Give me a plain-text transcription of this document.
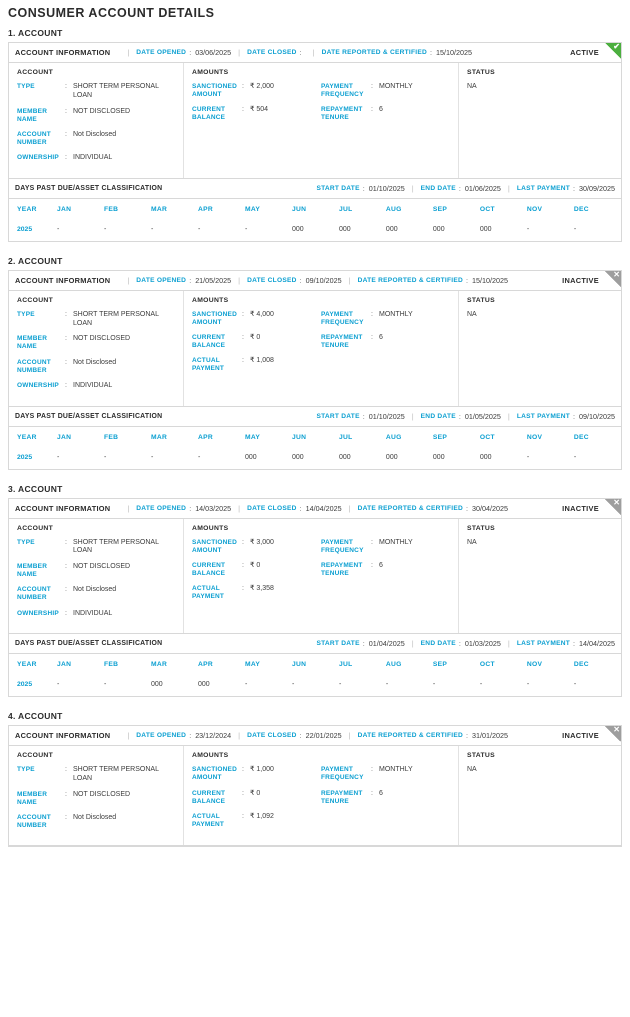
CONSUMER ACCOUNT DETAILS
1. ACCOUNT
ACCOUNT INFORMATION | DATE OPENED : 03/06/2025 | DATE CLOSED : | DATE REPORTED & CERTIFIED : 15/10/2025	ACTIVE
✔
ACCOUNT
TYPE	: SHORT TERM PERSONAL LOAN
MEMBER NAME
: NOT DISCLOSED
ACCOUNT NUMBER
: Not Disclosed
OWNERSHIP : INDIVIDUAL
AMOUNTS
SANCTIONED AMOUNT
: ₹ 2,000
CURRENT BALANCE
: ₹ 504
PAYMENT FREQUENCY
: MONTHLY
REPAYMENT TENURE
: 6
STATUS
NA
DAYS PAST DUE/ASSET CLASSIFICATION	START DATE : 01/10/2025 | END DATE : 01/06/2025 | LAST PAYMENT : 30/09/2025
YEAR	JAN	FEB	MAR	APR	MAY	JUN	JUL	AUG	SEP	OCT	NOV	DEC
2025	-	-	-	-	-	000	000	000	000	000	-	-
2. ACCOUNT
ACCOUNT INFORMATION | DATE OPENED : 21/05/2025 | DATE CLOSED : 09/10/2025 | DATE REPORTED & CERTIFIED : 15/10/2025	INACTIVE
✕
ACCOUNT
TYPE	: SHORT TERM PERSONAL LOAN
MEMBER NAME
: NOT DISCLOSED
ACCOUNT NUMBER
: Not Disclosed
OWNERSHIP : INDIVIDUAL
AMOUNTS
SANCTIONED AMOUNT
: ₹ 4,000
CURRENT BALANCE
: ₹ 0
ACTUAL PAYMENT
: ₹ 1,008
PAYMENT FREQUENCY
: MONTHLY
REPAYMENT TENURE
: 6
STATUS
NA
DAYS PAST DUE/ASSET CLASSIFICATION	START DATE : 01/10/2025 | END DATE : 01/05/2025 | LAST PAYMENT : 09/10/2025
YEAR	JAN	FEB	MAR	APR	MAY	JUN	JUL	AUG	SEP	OCT	NOV	DEC
2025	-	-	-	-	000	000	000	000	000	000	-	-
3. ACCOUNT
ACCOUNT INFORMATION | DATE OPENED : 14/03/2025 | DATE CLOSED : 14/04/2025 | DATE REPORTED & CERTIFIED : 30/04/2025	INACTIVE
✕
ACCOUNT
TYPE	: SHORT TERM PERSONAL LOAN
MEMBER NAME
: NOT DISCLOSED
ACCOUNT NUMBER
: Not Disclosed
OWNERSHIP : INDIVIDUAL
AMOUNTS
SANCTIONED AMOUNT
: ₹ 3,000
CURRENT BALANCE
: ₹ 0
ACTUAL PAYMENT
: ₹ 3,358
PAYMENT FREQUENCY
: MONTHLY
REPAYMENT TENURE
: 6
STATUS
NA
DAYS PAST DUE/ASSET CLASSIFICATION	START DATE : 01/04/2025 | END DATE : 01/03/2025 | LAST PAYMENT : 14/04/2025
YEAR	JAN	FEB	MAR	APR	MAY	JUN	JUL	AUG	SEP	OCT	NOV	DEC
2025	-	-	000	000	-	-	-	-	-	-	-	-
4. ACCOUNT
ACCOUNT INFORMATION | DATE OPENED : 23/12/2024 | DATE CLOSED : 22/01/2025 | DATE REPORTED & CERTIFIED : 31/01/2025	INACTIVE
✕
ACCOUNT
TYPE	: SHORT TERM PERSONAL LOAN
MEMBER NAME
: NOT DISCLOSED
ACCOUNT NUMBER
: Not Disclosed
AMOUNTS
SANCTIONED AMOUNT
: ₹ 1,000
CURRENT BALANCE
: ₹ 0
ACTUAL PAYMENT
: ₹ 1,092
PAYMENT FREQUENCY
: MONTHLY
REPAYMENT TENURE
: 6
STATUS
NA
